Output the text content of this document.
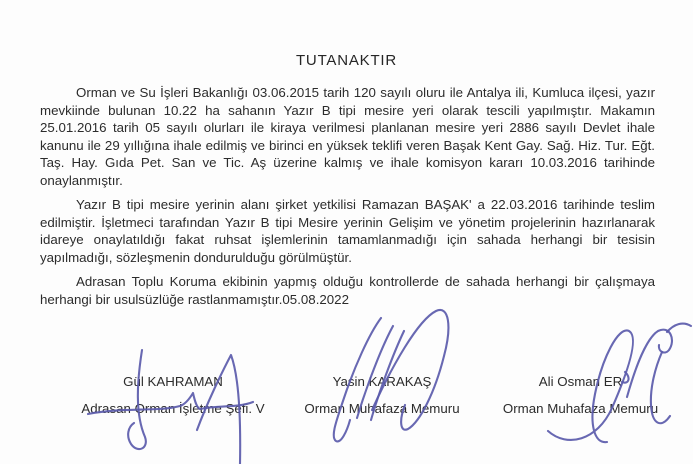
TUTANAKTIR

Orman ve Su İşleri Bakanlığı 03.06.2015 tarih 120 sayılı oluru ile Antalya ili, Kumluca ilçesi, yazır mevkiinde bulunan 10.22 ha sahanın Yazır B tipi mesire yeri olarak tescili yapılmıştır. Makamın 25.01.2016 tarih 05 sayılı olurları ile kiraya verilmesi planlanan mesire yeri 2886 sayılı Devlet ihale kanunu ile 29 yıllığına ihale edilmiş ve birinci en yüksek teklifi veren Başak Kent Gay. Sağ. Hiz. Tur. Eğt. Taş. Hay. Gıda Pet. San ve Tic. Aş üzerine kalmış ve ihale komisyon kararı 10.03.2016 tarihinde onaylanmıştır.

Yazır B tipi mesire yerinin alanı şirket yetkilisi Ramazan BAŞAK' a 22.03.2016 tarihinde teslim edilmiştir. İşletmeci tarafından Yazır B tipi Mesire yerinin Gelişim ve yönetim projelerinin hazırlanarak idareye onaylatıldığı fakat ruhsat işlemlerinin tamamlanmadığı için sahada herhangi bir tesisin yapılmadığı, sözleşmenin dondurulduğu görülmüştür.

Adrasan Toplu Koruma ekibinin yapmış olduğu kontrollerde de sahada herhangi bir çalışmaya herhangi bir usulsüzlüğe rastlanmamıştır.05.08.2022

Gül KAHRAMAN
Adrasan Orman İşletme Şefi. V
Yasin KARAKAŞ
Orman Muhafaza Memuru
Ali Osman ER
Orman Muhafaza Memuru
